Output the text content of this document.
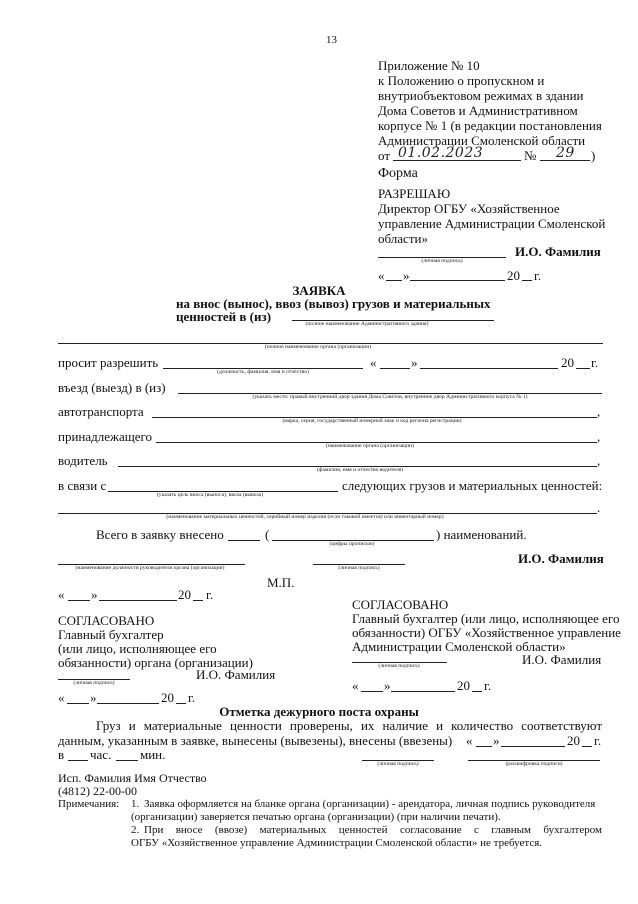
13
Приложение № 10
к Положению о пропускном и
внутриобъектовом режимах в здании
Дома Советов и Административном
корпусе № 1 (в редакции постановления
Администрации Смоленской области
от 01.02.2023	№ 29 )
Форма
РАЗРЕШАЮ
Директор ОГБУ «Хозяйственное
управление Администрации Смоленской
области»
(личная подпись)
И.О. Фамилия
« »	20 г.
ЗАЯВКА
на внос (вынос), ввоз (вывоз) грузов и материальных
ценностей в (из)	(полное наименование Административного здания)
(полное наименование органа (организации)
просит разрешить
(должность, фамилия, имя и отчество)
«	»	20 г.
въезд (выезд) в (из)
(указать место: правый внутренний двор здания Дома Советов, внутренние двор Административного корпуса № 1)
автотранспорта	,
(марка, серия, государственный номерной знак и код региона регистрации)
принадлежащего	,
(наименование органа (организации)
водитель	,
(фамилия, имя и отчество водителя)
в связи с
(указать цель вноса (выноса), ввоза (вывоза)
следующих грузов и материальных ценностей:
.
(наименование материальных ценностей, серийный номер изделия (если таковой имеется) или инвентарный номер)
Всего в заявку внесено	(
(цифры прописью)
) наименований.
(наименование должности руководителя органа (организации)	(личная подпись)
И.О. Фамилия
М.П.
« »	20 г.
СОГЛАСОВАНО
Главный бухгалтер (или лицо, исполняющее его
обязанности) ОГБУ «Хозяйственное управление
Администрации Смоленской области»
(личная подпись)	И.О. Фамилия
« »	20 г.
СОГЛАСОВАНО
Главный бухгалтер
(или лицо, исполняющее его
обязанности) органа (организации)
И.О. Фамилия
(личная подпись)
« »	20 г.
Отметка дежурного поста охраны
Груз и материальные ценности проверены, их наличие и количество соответствуют
данным, указанным в заявке, вынесены (вывезены), внесены (ввезены) « »	20 г.
в час. мин.
(личная подпись)	(расшифровка подписи)
Исп. Фамилия Имя Отчество
(4812) 22-00-00
Примечания: 1. Заявка оформляется на бланке органа (организации) - арендатора, личная подпись руководителя
(организации) заверяется печатью органа (организации) (при наличии печати).
2. При вносе (ввозе) материальных ценностей согласование с главным бухгалтером
ОГБУ «Хозяйственное управление Администрации Смоленской области» не требуется.
